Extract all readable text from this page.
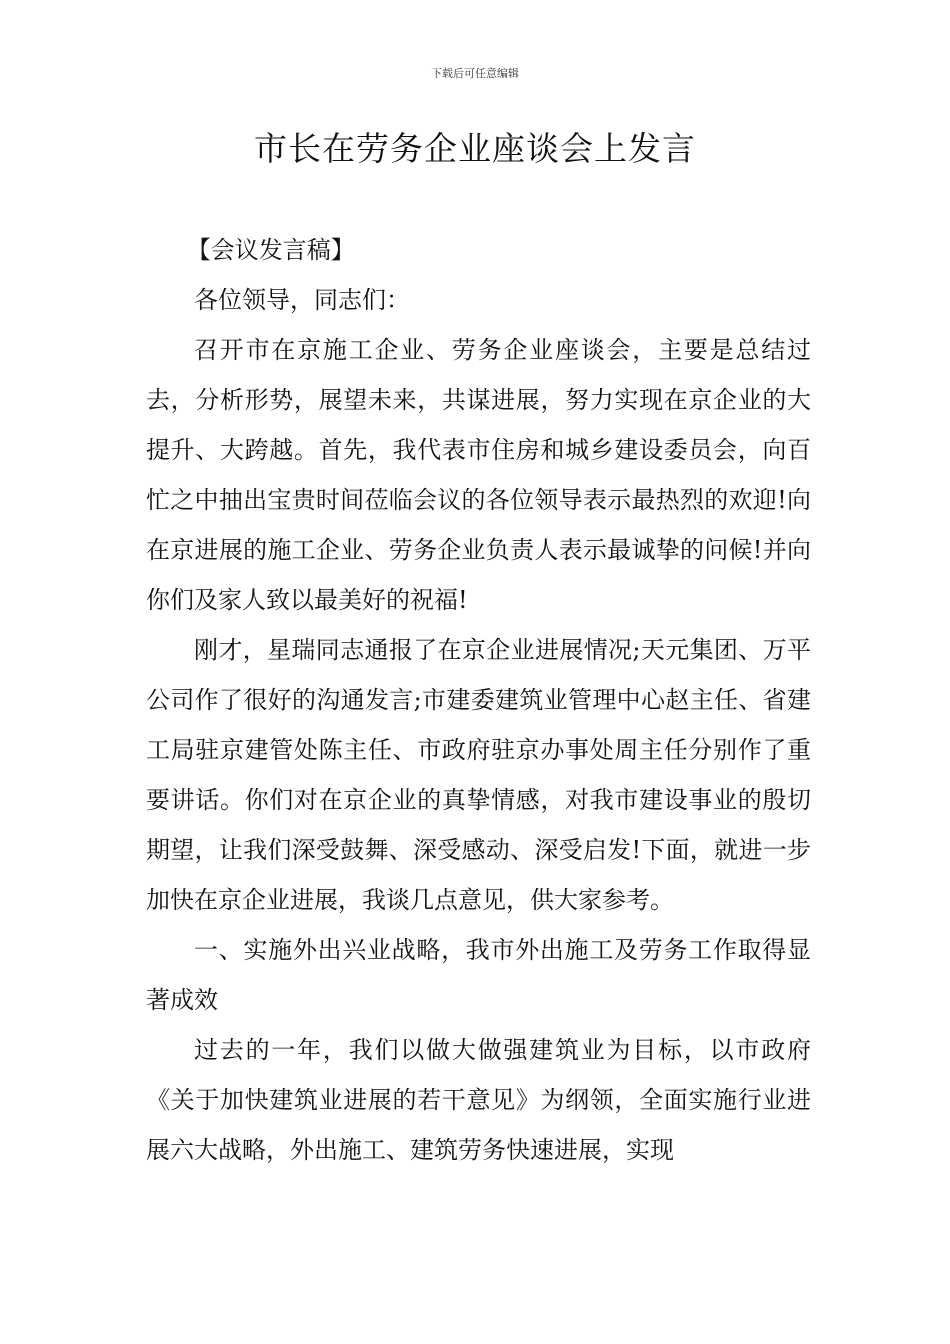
下载后可任意编辑
市长在劳务企业座谈会上发言

【会议发言稿】

各位领导，同志们：

召开市在京施工企业、劳务企业座谈会，主要是总结过去，分析形势，展望未来，共谋进展，努力实现在京企业的大提升、大跨越。首先，我代表市住房和城乡建设委员会，向百忙之中抽出宝贵时间莅临会议的各位领导表示最热烈的欢迎!向在京进展的施工企业、劳务企业负责人表示最诚挚的问候!并向你们及家人致以最美好的祝福!

刚才，星瑞同志通报了在京企业进展情况;天元集团、万平公司作了很好的沟通发言;市建委建筑业管理中心赵主任、省建工局驻京建管处陈主任、市政府驻京办事处周主任分别作了重要讲话。你们对在京企业的真挚情感，对我市建设事业的殷切期望，让我们深受鼓舞、深受感动、深受启发!下面，就进一步加快在京企业进展，我谈几点意见，供大家参考。

一、实施外出兴业战略，我市外出施工及劳务工作取得显著成效

过去的一年，我们以做大做强建筑业为目标，以市政府《关于加快建筑业进展的若干意见》为纲领，全面实施行业进展六大战略，外出施工、建筑劳务快速进展，实现
